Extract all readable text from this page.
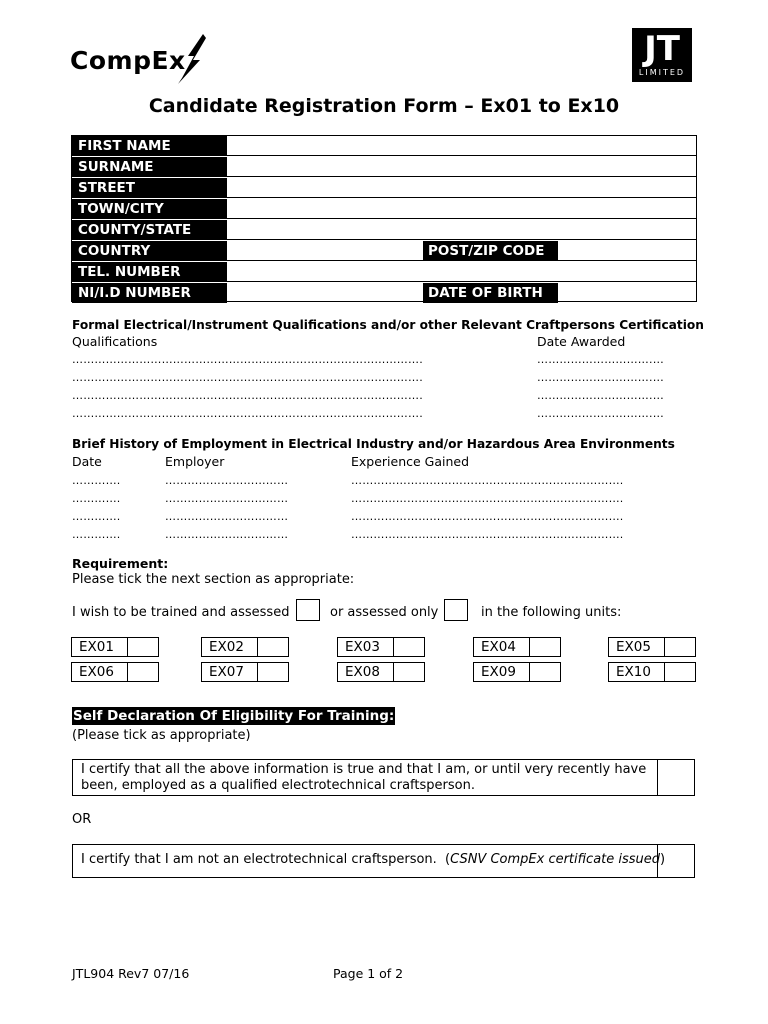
CompEx	JT
LIMITED
Candidate Registration Form – Ex01 to Ex10
FIRST NAME
SURNAME
STREET
TOWN/CITY
COUNTY/STATE
COUNTRY	POST/ZIP CODE
TEL. NUMBER
NI/I.D NUMBER	DATE OF BIRTH
Formal Electrical/Instrument Qualifications and/or other Relevant Craftpersons Certification
Qualifications	Date Awarded
………………………………………………………………………………….	………………………….…
………………………………………………………………………………….	………………………….…
………………………………………………………………………………….	………………………….…
………………………………………………………………………………….	………………………….…
Brief History of Employment in Electrical Industry and/or Hazardous Area Environments
Date	Employer	Experience Gained
………….	……………………………	……………………………………………………………….
………….	……………………………	……………………………………………………………….
………….	……………………………	……………………………………………………………….
………….	……………………………	……………………………………………………………….
Requirement:
Please tick the next section as appropriate:
I wish to be trained and assessed	or assessed only	in the following units:
EX01	EX02	EX03	EX04	EX05
EX06	EX07	EX08	EX09	EX10
Self Declaration Of Eligibility For Training:
(Please tick as appropriate)
I certify that all the above information is true and that I am, or until very recently have been, employed as a qualified electrotechnical craftsperson.
OR
I certify that I am not an electrotechnical craftsperson.  (CSNV CompEx certificate issued)
JTL904 Rev7 07/16	Page 1 of 2
